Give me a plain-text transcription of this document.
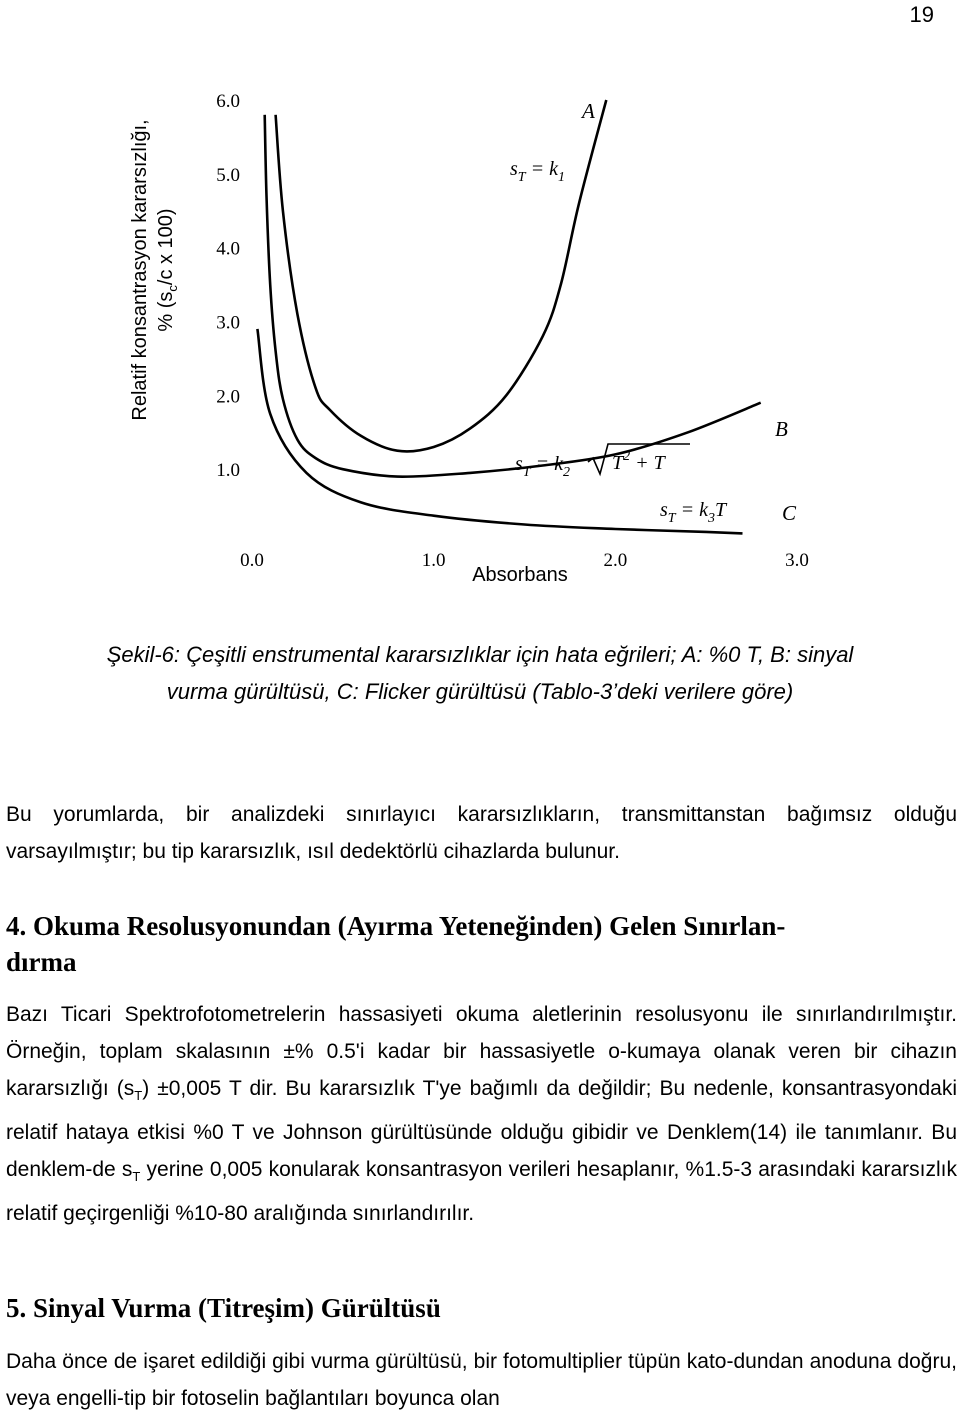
19
Relatif konsantrasyon kararsızlığı, % ($s_c/c$ x 100)
1.0
2.0
3.0
4.0
5.0
6.0
0.0	1.0	2.0	3.0
A
B
C
$s_T = k_1$
$s_T = k_2$ $T^2 + T$
$s_T = k_3T$
Absorbans
Şekil-6: Çeşitli enstrumental kararsızlıklar için hata eğrileri; A: %0 T, B: sinyal
vurma gürültüsü, C: Flicker gürültüsü (Tablo-3’deki verilere göre)
Bu yorumlarda, bir analizdeki sınırlayıcı kararsızlıkların, transmittanstan bağımsız olduğu varsayılmıştır; bu tip kararsızlık, ısıl dedektörlü cihazlarda bulunur.
4. Okuma Resolusyonundan (Ayırma Yeteneğinden) Gelen Sınırlan-
dırma
Bazı Ticari Spektrofotometrelerin hassasiyeti okuma aletlerinin resolusyonu ile sınırlandırılmıştır. Örneğin, toplam skalasının ±% 0.5'i kadar bir hassasiyetle o-kumaya olanak veren bir cihazın kararsızlığı $(s_T) \pm 0,005$ T dir. Bu kararsızlık T'ye bağımlı da değildir; Bu nedenle, konsantrasyondaki relatif hataya etkisi %0 T ve Johnson gürültüsünde olduğu gibidir ve Denklem(14) ile tanımlanır. Bu denklem-de $s_T$ yerine 0,005 konularak konsantrasyon verileri hesaplanır, %1.5-3 arasındaki kararsızlık relatif geçirgenliği %10-80 aralığında sınırlandırılır.
5. Sinyal Vurma (Titreşim) Gürültüsü
Daha önce de işaret edildiği gibi vurma gürültüsü, bir fotomultiplier tüpün kato-dundan anoduna doğru, veya engelli-tip bir fotoselin bağlantıları boyunca olan
